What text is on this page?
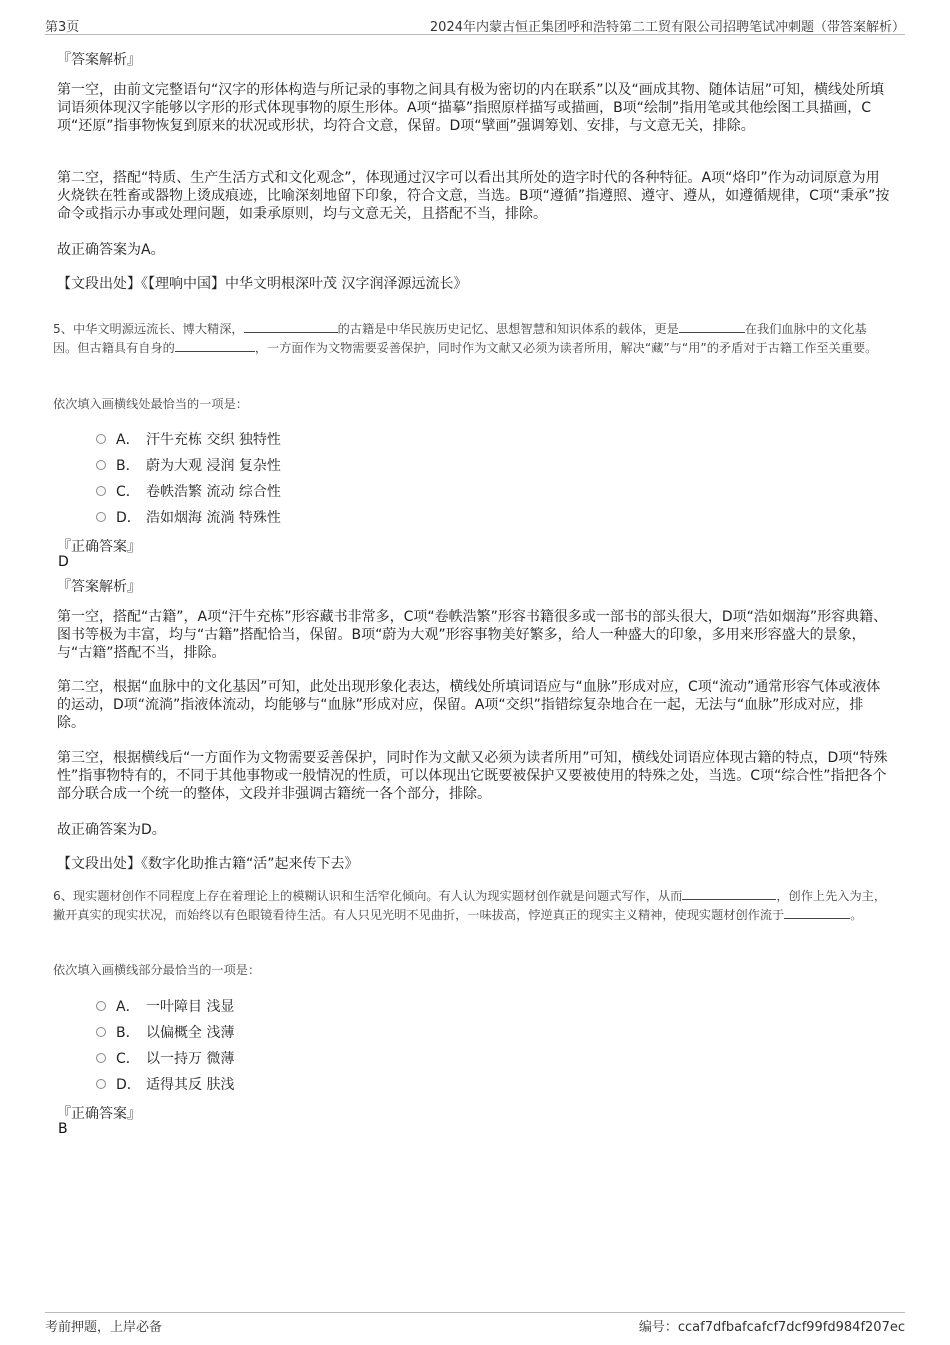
第3页	2024年内蒙古恒正集团呼和浩特第二工贸有限公司招聘笔试冲刺题（带答案解析）
『答案解析』

第一空，由前文完整语句“汉字的形体构造与所记录的事物之间具有极为密切的内在联系”以及“画成其物、随体诘屈”可知，横线处所填词语须体现汉字能够以字形的形式体现事物的原生形体。A项“描摹”指照原样描写或描画，B项“绘制”指用笔或其他绘图工具描画，C项“还原”指事物恢复到原来的状况或形状，均符合文意，保留。D项“擘画”强调筹划、安排，与文意无关，排除。

第二空，搭配“特质、生产生活方式和文化观念”，体现通过汉字可以看出其所处的造字时代的各种特征。A项“烙印”作为动词原意为用火烧铁在牲畜或器物上烫成痕迹，比喻深刻地留下印象，符合文意，当选。B项“遵循”指遵照、遵守、遵从，如遵循规律，C项“秉承”按命令或指示办事或处理问题，如秉承原则，均与文意无关，且搭配不当，排除。

故正确答案为A。
【文段出处】《【理响中国】中华文明根深叶茂 汉字润泽源远流长》

5、中华文明源远流长、博大精深，	的古籍是中华民族历史记忆、思想智慧和知识体系的载体，更是	在我们血脉中的文化基因。但古籍具有自身的	，一方面作为文物需要妥善保护，同时作为文献又必须为读者所用，解决“藏”与“用”的矛盾对于古籍工作至关重要。

依次填入画横线处最恰当的一项是：
A． 汗牛充栋 交织 独特性
B． 蔚为大观 浸润 复杂性
C． 卷帙浩繁 流动 综合性
D． 浩如烟海 流淌 特殊性
『正确答案』
D
『答案解析』

第一空，搭配“古籍”，A项“汗牛充栋”形容藏书非常多，C项“卷帙浩繁”形容书籍很多或一部书的部头很大，D项“浩如烟海”形容典籍、图书等极为丰富，均与“古籍”搭配恰当，保留。B项“蔚为大观”形容事物美好繁多，给人一种盛大的印象，多用来形容盛大的景象，与“古籍”搭配不当，排除。

第二空，根据“血脉中的文化基因”可知，此处出现形象化表达，横线处所填词语应与“血脉”形成对应，C项“流动”通常形容气体或液体的运动，D项“流淌”指液体流动，均能够与“血脉”形成对应，保留。A项“交织”指错综复杂地合在一起，无法与“血脉”形成对应，排除。

第三空，根据横线后“一方面作为文物需要妥善保护，同时作为文献又必须为读者所用”可知，横线处词语应体现古籍的特点，D项“特殊性”指事物特有的，不同于其他事物或一般情况的性质，可以体现出它既要被保护又要被使用的特殊之处，当选。C项“综合性”指把各个部分联合成一个统一的整体，文段并非强调古籍统一各个部分，排除。

故正确答案为D。
【文段出处】《数字化助推古籍“活”起来传下去》

6、现实题材创作不同程度上存在着理论上的模糊认识和生活窄化倾向。有人认为现实题材创作就是问题式写作，从而	，创作上先入为主，撇开真实的现实状况，而始终以有色眼镜看待生活。有人只见光明不见曲折，一味拔高，悖逆真正的现实主义精神，使现实题材创作流于	。

依次填入画横线部分最恰当的一项是：
A． 一叶障目 浅显
B． 以偏概全 浅薄
C． 以一持万 微薄
D． 适得其反 肤浅
『正确答案』
B
考前押题，上岸必备	编号：ccaf7dfbafcafcf7dcf99fd984f207ec
